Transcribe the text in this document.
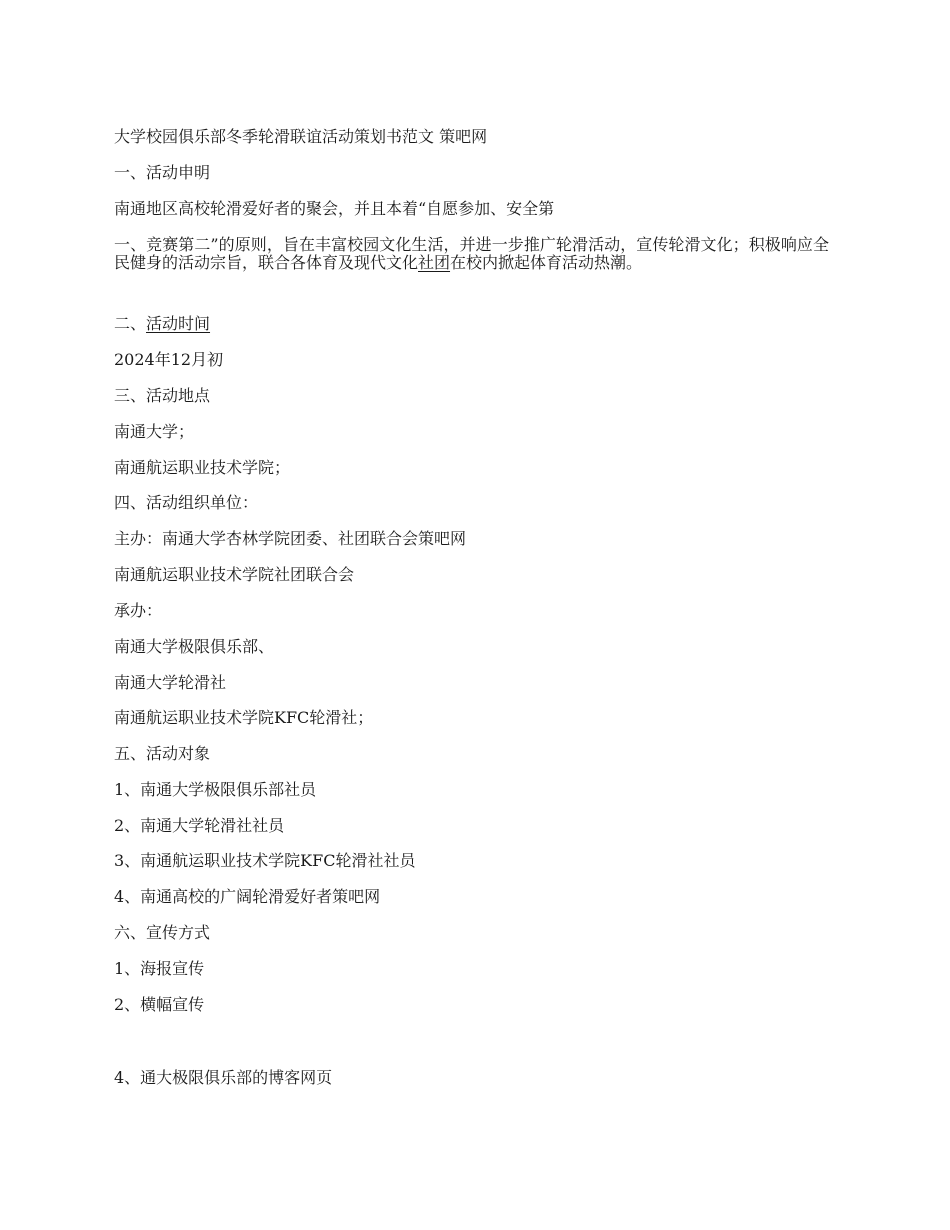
大学校园俱乐部冬季轮滑联谊活动策划书范文 策吧网

一、活动申明

南通地区高校轮滑爱好者的聚会，并且本着“自愿参加、安全第

一、竞赛第二”的原则，旨在丰富校园文化生活，并进一步推广轮滑活动，宣传轮滑文化；积极响应全民健身的活动宗旨，联合各体育及现代文化社团在校内掀起体育活动热潮。

二、活动时间

2024年12月初

三、活动地点

南通大学；

南通航运职业技术学院；

四、活动组织单位：

主办：南通大学杏林学院团委、社团联合会策吧网

南通航运职业技术学院社团联合会

承办：

南通大学极限俱乐部、

南通大学轮滑社

南通航运职业技术学院KFC轮滑社；

五、活动对象

1、南通大学极限俱乐部社员

2、南通大学轮滑社社员

3、南通航运职业技术学院KFC轮滑社社员

4、南通高校的广阔轮滑爱好者策吧网

六、宣传方式

1、海报宣传

2、横幅宣传

4、通大极限俱乐部的博客网页
